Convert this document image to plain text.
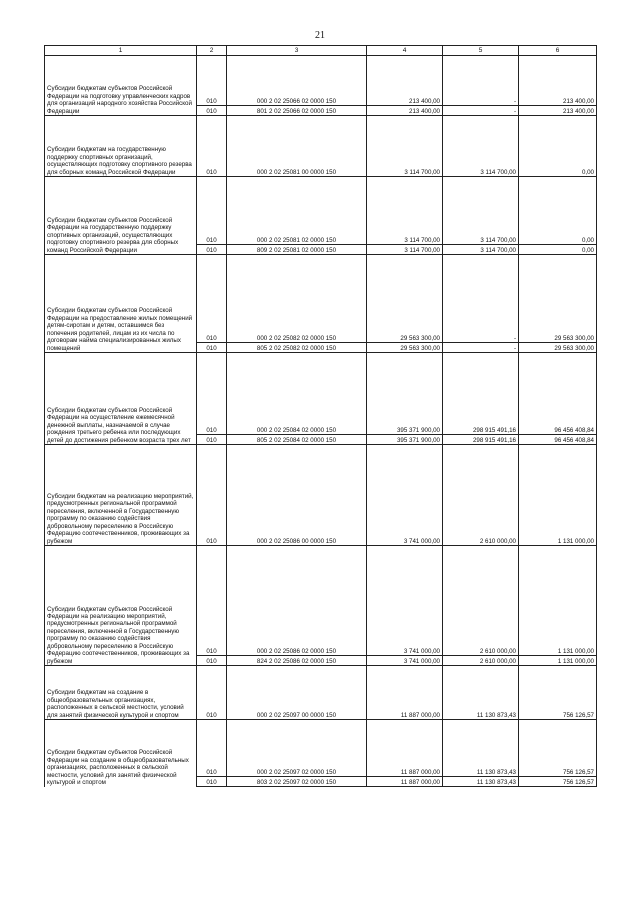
21
1	2	3	4	5	6
Субсидии бюджетам субъектов Российской Федерации на подготовку управленческих кадров для организаций народного хозяйства Российской Федерации	010	000 2 02 25066 02 0000 150	213 400,00	-	213 400,00
	010	801 2 02 25066 02 0000 150	213 400,00	-	213 400,00
Субсидии бюджетам на государственную поддержку спортивных организаций, осуществляющих подготовку спортивного резерва для сборных команд Российской Федерации	010	000 2 02 25081 00 0000 150	3 114 700,00	3 114 700,00	0,00
Субсидии бюджетам субъектов Российской Федерации на государственную поддержку спортивных организаций, осуществляющих подготовку спортивного резерва для сборных команд Российской Федерации	010	000 2 02 25081 02 0000 150	3 114 700,00	3 114 700,00	0,00
	010	809 2 02 25081 02 0000 150	3 114 700,00	3 114 700,00	0,00
Субсидии бюджетам субъектов Российской Федерации на предоставление жилых помещений детям-сиротам и детям, оставшимся без попечения родителей, лицам из их числа по договорам найма специализированных жилых помещений	010	000 2 02 25082 02 0000 150	29 563 300,00	-	29 563 300,00
	010	805 2 02 25082 02 0000 150	29 563 300,00	-	29 563 300,00
Субсидии бюджетам субъектов Российской Федерации на осуществление ежемесячной денежной выплаты, назначаемой в случае рождения третьего ребенка или последующих детей до достижения ребенком возраста трех лет	010	000 2 02 25084 02 0000 150	395 371 900,00	298 915 491,16	96 456 408,84
	010	805 2 02 25084 02 0000 150	395 371 900,00	298 915 491,16	96 456 408,84
Субсидии бюджетам на реализацию мероприятий, предусмотренных региональной программой переселения, включенной в Государственную программу по оказанию содействия добровольному переселению в Российскую Федерацию соотечественников, проживающих за рубежом	010	000 2 02 25086 00 0000 150	3 741 000,00	2 610 000,00	1 131 000,00
Субсидии бюджетам субъектов Российской Федерации на реализацию мероприятий, предусмотренных региональной программой переселения, включенной в Государственную программу по оказанию содействия добровольному переселению в Российскую Федерацию соотечественников, проживающих за рубежом	010	000 2 02 25086 02 0000 150	3 741 000,00	2 610 000,00	1 131 000,00
	010	824 2 02 25086 02 0000 150	3 741 000,00	2 610 000,00	1 131 000,00
Субсидии бюджетам на создание в общеобразовательных организациях, расположенных в сельской местности, условий для занятий физической культурой и спортом	010	000 2 02 25097 00 0000 150	11 887 000,00	11 130 873,43	756 126,57
Субсидии бюджетам субъектов Российской Федерации на создание в общеобразовательных организациях, расположенных в сельской местности, условий для занятий физической культурой и спортом	010	000 2 02 25097 02 0000 150	11 887 000,00	11 130 873,43	756 126,57
	010	803 2 02 25097 02 0000 150	11 887 000,00	11 130 873,43	756 126,57
